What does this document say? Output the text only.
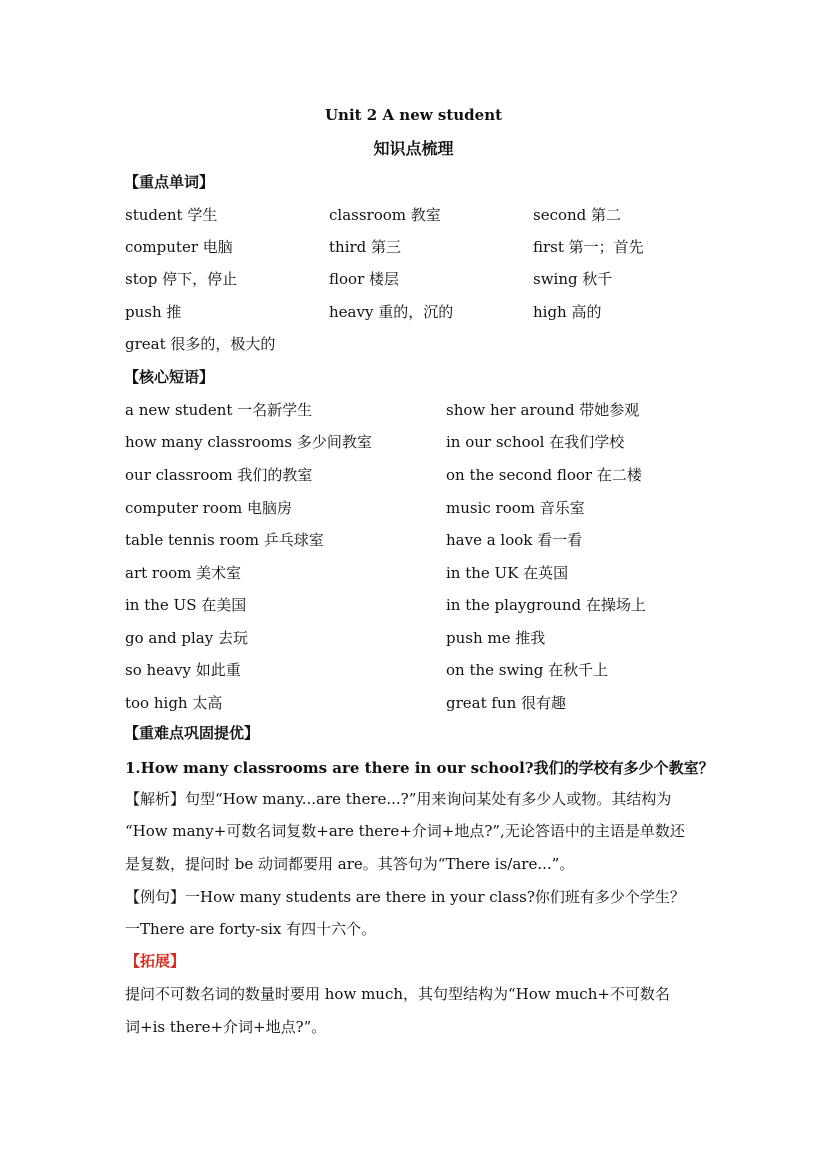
Unit 2 A new student
知识点梳理
【重点单词】
student 学生	classroom 教室	second 第二
computer 电脑	third 第三	first 第一；首先
stop 停下，停止	floor 楼层	swing 秋千
push 推	heavy 重的，沉的	high 高的
great 很多的，极大的
【核心短语】
a new student 一名新学生	show her around 带她参观
how many classrooms 多少间教室	in our school 在我们学校
our classroom 我们的教室	on the second floor 在二楼
computer room 电脑房	music room 音乐室
table tennis room 乒乓球室	have a look 看一看
art room 美术室	in the UK 在英国
in the US 在美国	in the playground 在操场上
go and play 去玩	push me 推我
so heavy 如此重	on the swing 在秋千上
too high 太高	great fun 很有趣
【重难点巩固提优】
1.How many classrooms are there in our school?我们的学校有多少个教室？
【解析】句型“How many...are there...?”用来询问某处有多少人或物。其结构为
“How many+可数名词复数+are there+介词+地点?”,无论答语中的主语是单数还
是复数，提问时 be 动词都要用 are。其答句为“There is/are...”。
【例句】一How many students are there in your class?你们班有多少个学生？
一There are forty-six 有四十六个。
【拓展】
提问不可数名词的数量时要用 how much，其句型结构为“How much+不可数名
词+is there+介词+地点?”。
